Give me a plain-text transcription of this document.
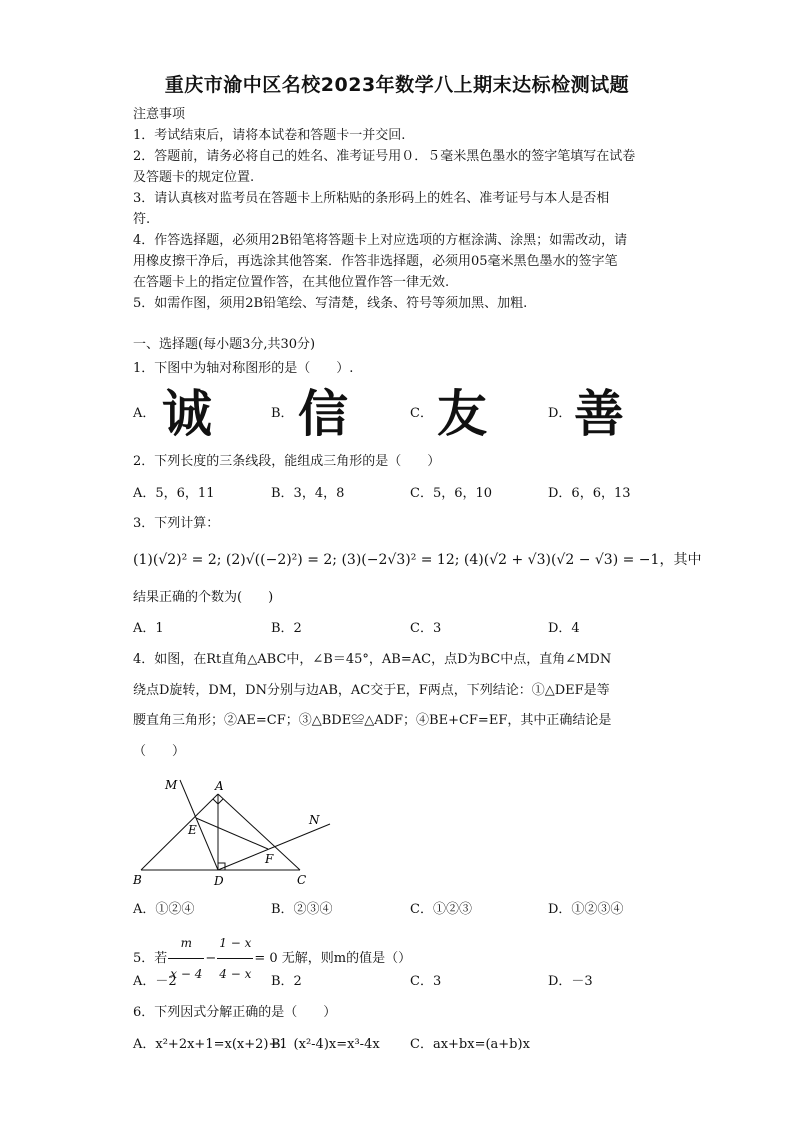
重庆市渝中区名校2023年数学八上期末达标检测试题
注意事项
1．考试结束后，请将本试卷和答题卡一并交回.
2．答题前，请务必将自己的姓名、准考证号用０．５毫米黑色墨水的签字笔填写在试卷
及答题卡的规定位置.
3．请认真核对监考员在答题卡上所粘贴的条形码上的姓名、准考证号与本人是否相
符.
4．作答选择题，必须用2B铅笔将答题卡上对应选项的方框涂满、涂黑；如需改动，请
用橡皮擦干净后，再选涂其他答案．作答非选择题，必须用05毫米黑色墨水的签字笔
在答题卡上的指定位置作答，在其他位置作答一律无效.
5．如需作图，须用2B铅笔绘、写清楚，线条、符号等须加黑、加粗.
一、选择题(每小题3分,共30分)
1．下图中为轴对称图形的是（　　）.
A． 诚	B． 信	C． 友	D． 善
2．下列长度的三条线段，能组成三角形的是（　　）
A．5，6，11	B．3，4，8	C．5，6，10	D．6，6，13
3．下列计算：
(1)(√2)² = 2; (2)√((−2)²) = 2; (3)(−2√3)² = 12; (4)(√2 + √3)(√2 − √3) = −1，其中
结果正确的个数为(　　)
A．1	B．2	C．3	D．4
4．如图，在Rt直角△ABC中，∠B＝45°，AB=AC，点D为BC中点，直角∠MDN
绕点D旋转，DM，DN分别与边AB，AC交于E，F两点，下列结论：①△DEF是等
腰直角三角形；②AE=CF；③△BDE≌△ADF；④BE+CF=EF，其中正确结论是
（　　）
M	A
E
N
F
B	D	C
A．①②④	B．②③④	C．①②③	D．①②③④
5．若 $\frac{m}{x - 4} - \frac{1 - x}{4 - x} = 0$ 无解，则m的值是（）
A．－2	B．2	C．3	D．－3
6．下列因式分解正确的是（　　）
A．x²+2x+1=x(x+2)+1
B．(x²-4)x=x³-4x C．ax+bx=(a+b)x
